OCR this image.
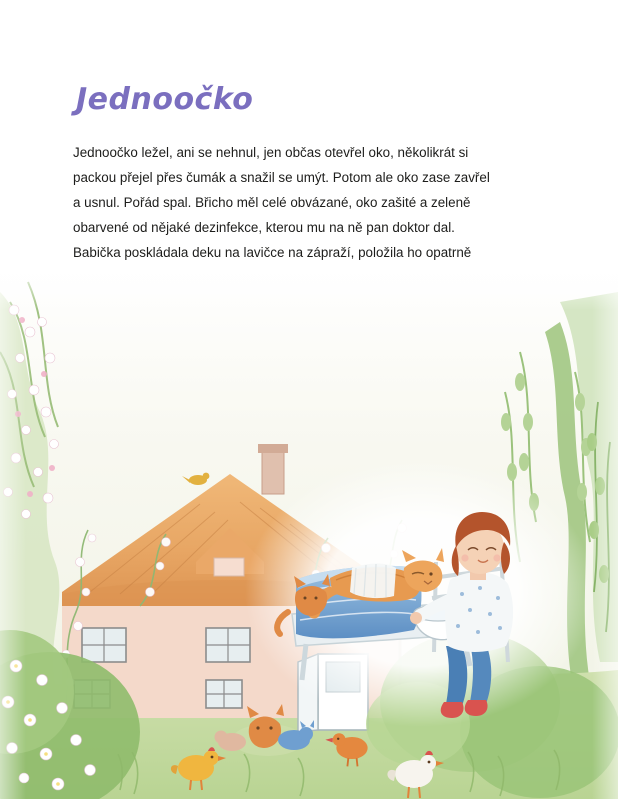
Jednoočko
Jednoočko ležel, ani se nehnul, jen občas otevřel oko, několikrát si
packou přejel přes čumák a snažil se umýt. Potom ale oko zase zavřel
a usnul. Pořád spal. Břicho měl celé obvázané, oko zašité a zeleně
obarvené od nějaké dezinfekce, kterou mu na ně pan doktor dal.
Babička poskládala deku na lavičce na zápraží, položila ho opatrně
